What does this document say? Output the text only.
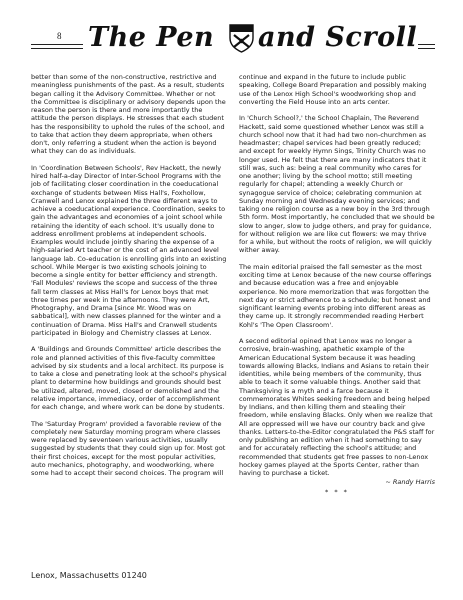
8 The Pen and Scroll

better than some of the non-constructive, restrictive and meaningless punishments of the past. As a result, students began calling it the Advisory Committee. Whether or not the Committee is disciplinary or advisory depends upon the reason the person is there and more importantly the attitude the person displays. He stresses that each student has the responsibility to uphold the rules of the school, and to take that action they deem appropriate, when others don't, only referring a student when the action is beyond what they can do as individuals.

In 'Coordination Between Schools', Rev Hackett, the newly hired half-a-day Director of Inter-School Programs with the job of facilitating closer coordination in the coeducational exchange of students between Miss Hall's, Foxhollow, Cranwell and Lenox explained the three different ways to achieve a coeducational experience. Coordination, seeks to gain the advantages and economies of a joint school while retaining the identity of each school. It's usually done to address enrollment problems at independent schools. Examples would include jointly sharing the expense of a high-salaried Art teacher or the cost of an advanced level language lab. Co-education is enrolling girls into an existing school. While Merger is two existing schools joining to become a single entity for better efficiency and strength. 'Fall Modules' reviews the scope and success of the three fall term classes at Miss Hall's for Lenox boys that met three times per week in the afternoons. They were Art, Photography, and Drama [since Mr. Wood was on sabbatical], with new classes planned for the winter and a continuation of Drama. Miss Hall's and Cranwell students participated in Biology and Chemistry classes at Lenox.

A 'Buildings and Grounds Committee' article describes the role and planned activities of this five-faculty committee advised by six students and a local architect. Its purpose is to take a close and penetrating look at the school's physical plant to determine how buildings and grounds should best be utilized, altered, moved, closed or demolished and the relative importance, immediacy, order of accomplishment for each change, and where work can be done by students.

The 'Saturday Program' provided a favorable review of the completely new Saturday morning program where classes were replaced by seventeen various activities, usually suggested by students that they could sign up for. Most got their first choices, except for the most popular activities, auto mechanics, photography, and woodworking, where some had to accept their second choices. The program will

continue and expand in the future to include public speaking, College Board Preparation and possibly making use of the Lenox High School's woodworking shop and converting the Field House into an arts center.

In 'Church School?,' the School Chaplain, The Reverend Hackett, said some questioned whether Lenox was still a church school now that it had had two non-churchmen as headmaster; chapel services had been greatly reduced; and except for weekly Hymn Sings, Trinity Church was no longer used. He felt that there are many indicators that it still was, such as: being a real community who cares for one another; living by the school motto; still meeting regularly for chapel; attending a weekly Church or synagogue service of choice; celebrating communion at Sunday morning and Wednesday evening services; and taking one religion course as a new boy in the 3rd through 5th form. Most importantly, he concluded that we should be slow to anger, slow to judge others, and pray for guidance, for without religion we are like cut flowers: we may thrive for a while, but without the roots of religion, we will quickly wither away.

The main editorial praised the fall semester as the most exciting time at Lenox because of the new course offerings and because education was a free and enjoyable experience. No more memorization that was forgotten the next day or strict adherence to a schedule; but honest and significant learning events probing into different areas as they came up. It strongly recommended reading Herbert Kohl's 'The Open Classroom'.

A second editorial opined that Lenox was no longer a corrosive, brain-washing, apathetic example of the American Educational System because it was heading towards allowing Blacks, Indians and Asians to retain their identities, while being members of the community, thus able to teach it some valuable things. Another said that Thanksgiving is a myth and a farce because it commemorates Whites seeking freedom and being helped by Indians, and then killing them and stealing their freedom, while enslaving Blacks. Only when we realize that All are oppressed will we have our country back and give thanks. Letters-to-the-Editor congratulated the P&S staff for only publishing an edition when it had something to say and for accurately reflecting the school's attitude; and recommended that students get free passes to non-Lenox hockey games played at the Sports Center, rather than having to purchase a ticket.

~ Randy Harris
* * *
Lenox, Massachusetts 01240
